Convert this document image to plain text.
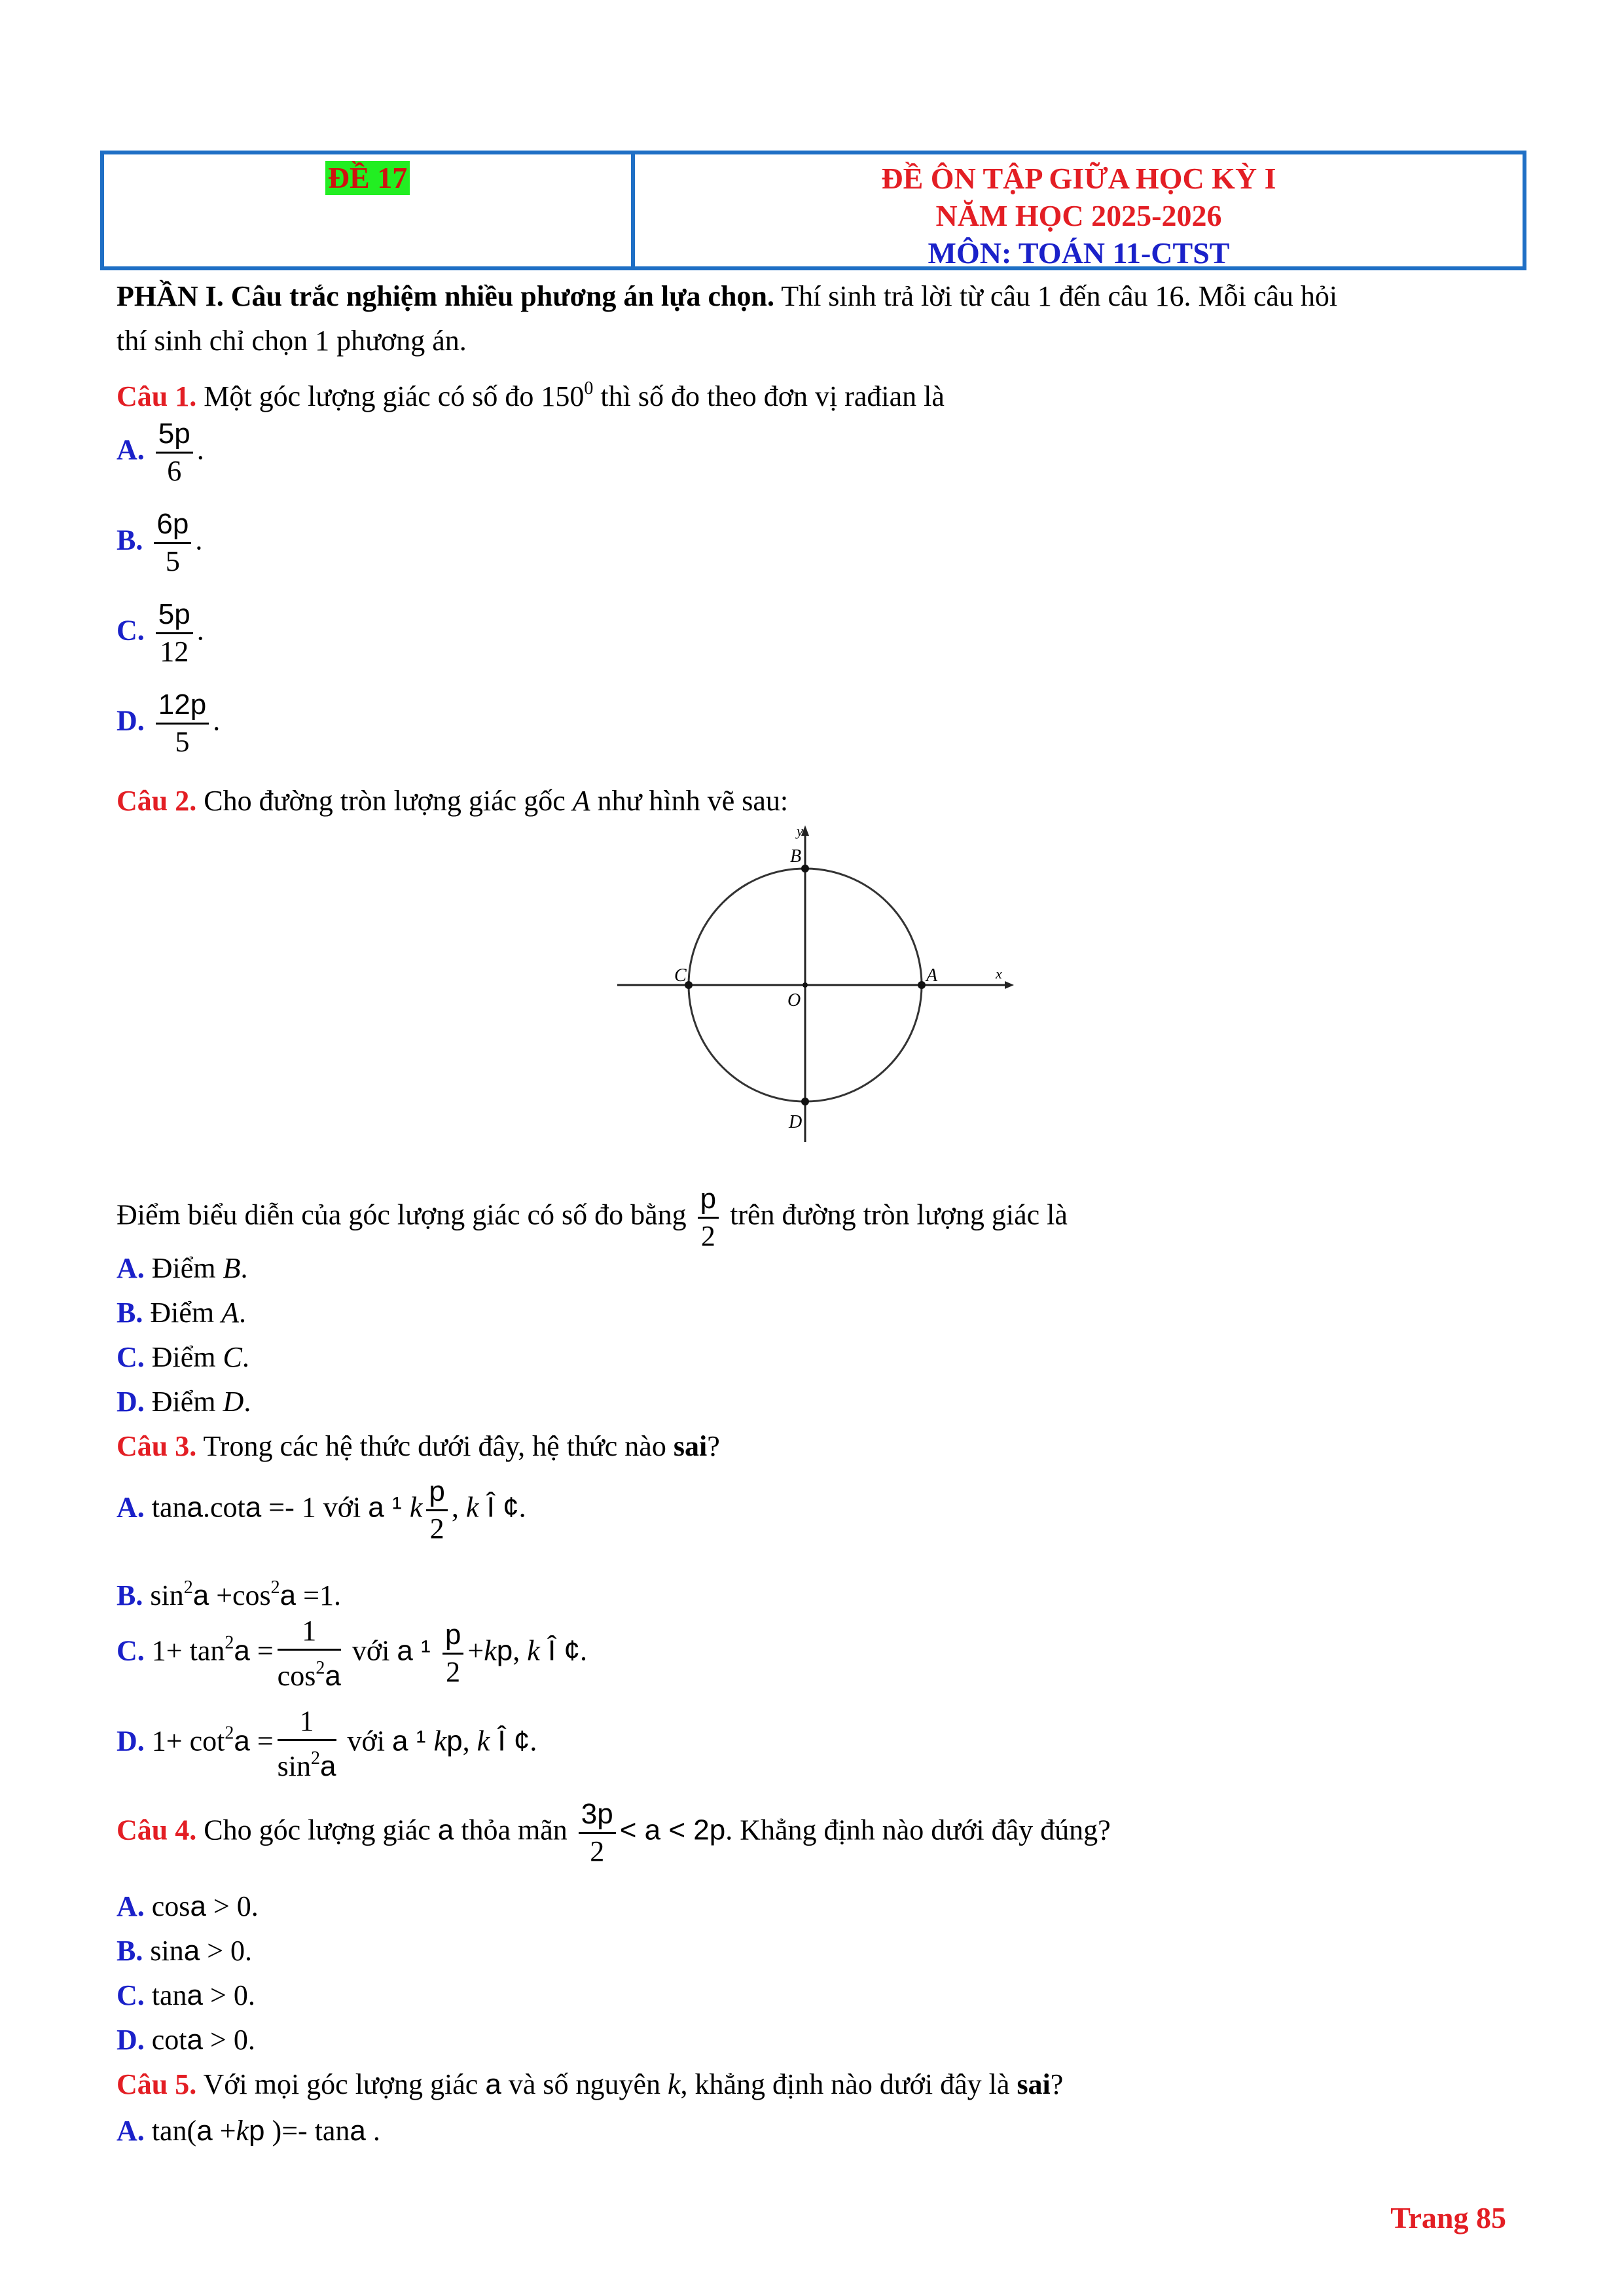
ĐỀ 17	ĐỀ ÔN TẬP GIỮA HỌC KỲ I
NĂM HỌC 2025-2026
MÔN: TOÁN 11-CTST
PHẦN I. Câu trắc nghiệm nhiều phương án lựa chọn. Thí sinh trả lời từ câu 1 đến câu 16. Mỗi câu hỏi
thí sinh chỉ chọn 1 phương án.
Câu 1. Một góc lượng giác có số đo $150^0$ thì số đo theo đơn vị rađian là
A. $\frac{5p}{6}$ .
B. $\frac{6p}{5}$ .
C. $\frac{5p}{12}$ .
D. $\frac{12p}{5}$ .
Câu 2. Cho đường tròn lượng giác gốc A như hình vẽ sau:
B
y
C	A	x
O
D
Điểm biểu diễn của góc lượng giác có số đo bằng $\frac{p}{2}$ trên đường tròn lượng giác là
A. Điểm B.
B. Điểm A.
C. Điểm C.
D. Điểm D.
Câu 3. Trong các hệ thức dưới đây, hệ thức nào sai?
A. tana.cota =- 1 với a ¹ k $\frac{p}{2}$ , k Î ¢.
B. $\sin^2a +\cos^2a =1$.
C. $1+ \tan^2a = \frac{1}{\cos^2a}$ với a $^1 \frac{p}{2} +kp$, k Î ¢.
D. $1+ \cot^2a = \frac{1}{\sin^2a}$ với a ¹ kp, k Î ¢.
Câu 4. Cho góc lượng giác a thỏa mãn $\frac{3p}{2} < a < 2p$. Khẳng định nào dưới đây đúng?
A. cosa > 0.
B. sina > 0.
C. tana > 0.
D. cota > 0.
Câu 5. Với mọi góc lượng giác a và số nguyên k, khẳng định nào dưới đây là sai?
A. tan(a +kp )=- tana .
Trang 85
